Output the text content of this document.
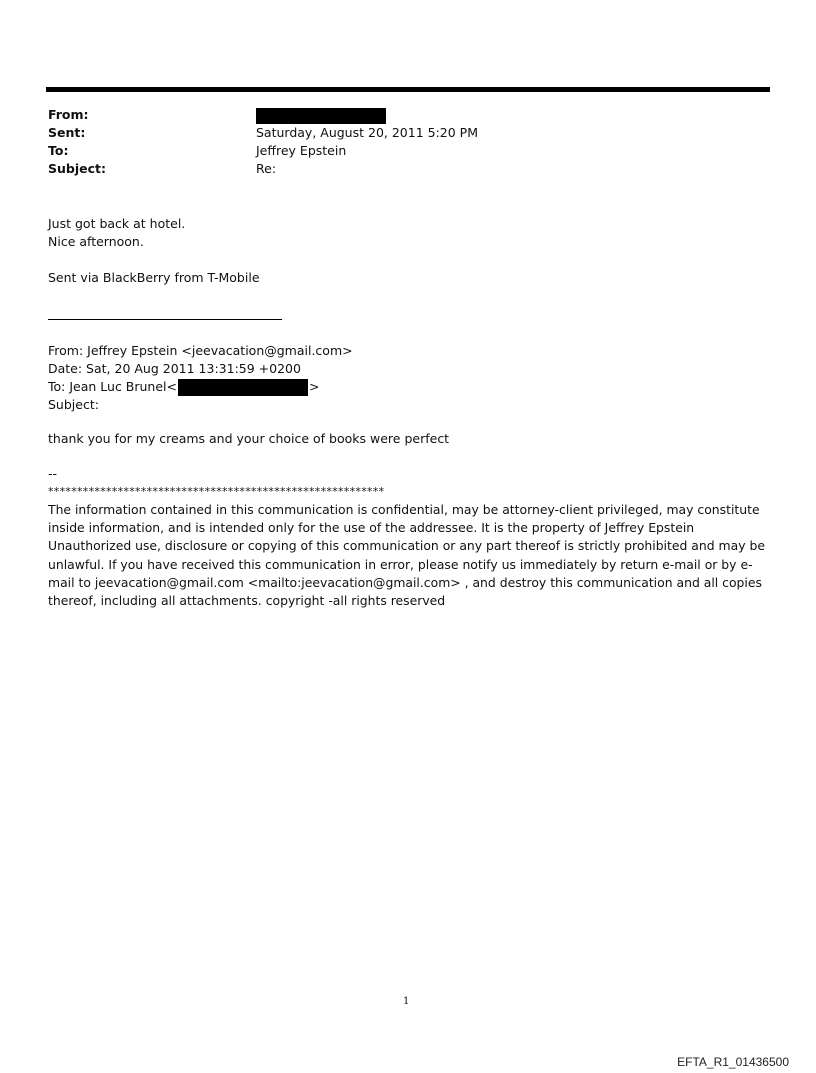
From:
Sent:	Saturday, August 20, 2011 5:20 PM
To:	Jeffrey Epstein
Subject:	Re:
Just got back at hotel.
Nice afternoon.
Sent via BlackBerry from T-Mobile
From: Jeffrey Epstein <jeevacation@gmail.com>
Date: Sat, 20 Aug 2011 13:31:59 +0200
To: Jean Luc Brunel<	>
Subject:
thank you for my creams and your choice of books were perfect
--
**********************************************************
The information contained in this communication is confidential, may be attorney-client privileged, may constitute inside information, and is intended only for the use of the addressee. It is the property of Jeffrey Epstein Unauthorized use, disclosure or copying of this communication or any part thereof is strictly prohibited and may be unlawful. If you have received this communication in error, please notify us immediately by return e-mail or by e-mail to jeevacation@gmail.com <mailto:jeevacation@gmail.com> , and destroy this communication and all copies thereof, including all attachments. copyright -all rights reserved
1
EFTA_R1_01436500
